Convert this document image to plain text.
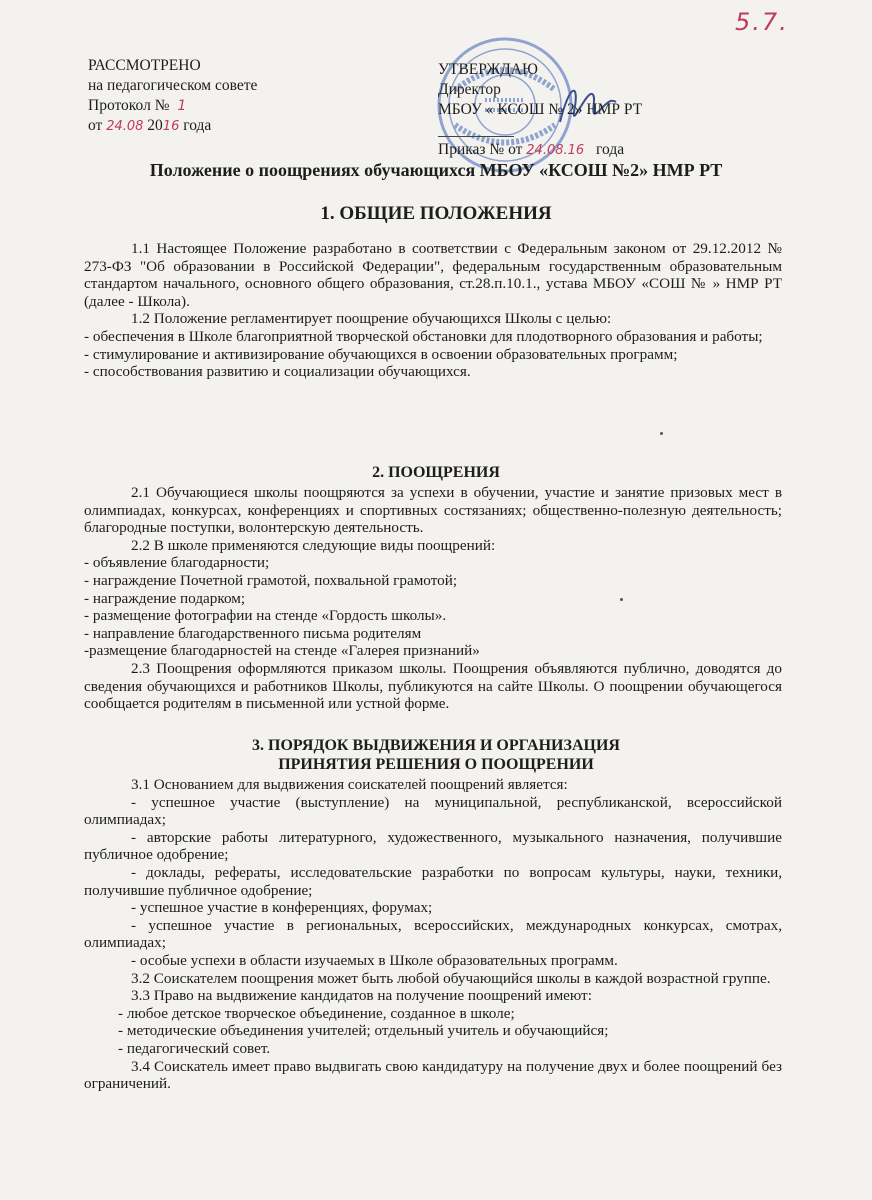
5.7.
РАССМОТРЕНО
на педагогическом совете
Протокол № 1
от 24.08 2016 года
УТВЕРЖДАЮ
Директор
МБОУ « КСОШ № 2» НМР РТ
Приказ № от 24.08.16 года
Положение о поощрениях обучающихся МБОУ «КСОШ №2» НМР РТ
1. ОБЩИЕ ПОЛОЖЕНИЯ

1.1 Настоящее Положение разработано в соответствии с Федеральным законом от 29.12.2012 № 273-ФЗ "Об образовании в Российской Федерации", федеральным государственным образовательным стандартом начального, основного общего образования, ст.28.п.10.1., устава МБОУ «СОШ № » НМР РТ (далее - Школа).

1.2 Положение регламентирует поощрение обучающихся Школы с целью:

- обеспечения в Школе благоприятной творческой обстановки для плодотворного образования и работы;

- стимулирование и активизирование обучающихся в освоении образовательных программ;

- способствования развитию и социализации обучающихся.

2. ПООЩРЕНИЯ

2.1 Обучающиеся школы поощряются за успехи в обучении, участие и занятие призовых мест в олимпиадах, конкурсах, конференциях и спортивных состязаниях; общественно-полезную деятельность; благородные поступки, волонтерскую деятельность.

2.2 В школе применяются следующие виды поощрений:

- объявление благодарности;

- награждение Почетной грамотой, похвальной грамотой;

- награждение подарком;

- размещение фотографии на стенде «Гордость школы».

- направление благодарственного письма родителям

-размещение благодарностей на стенде «Галерея признаний»

2.3 Поощрения оформляются приказом школы. Поощрения объявляются публично, доводятся до сведения обучающихся и работников Школы, публикуются на сайте Школы. О поощрении обучающегося сообщается родителям в письменной или устной форме.

3. ПОРЯДОК ВЫДВИЖЕНИЯ И ОРГАНИЗАЦИЯ
ПРИНЯТИЯ РЕШЕНИЯ О ПООЩРЕНИИ

3.1 Основанием для выдвижения соискателей поощрений является:

- успешное участие (выступление) на муниципальной, республиканской, всероссийской олимпиадах;

- авторские работы литературного, художественного, музыкального назначения, получившие публичное одобрение;

- доклады, рефераты, исследовательские разработки по вопросам культуры, науки, техники, получившие публичное одобрение;

- успешное участие в конференциях, форумах;

- успешное участие в региональных, всероссийских, международных конкурсах, смотрах, олимпиадах;

- особые успехи в области изучаемых в Школе образовательных программ.

3.2 Соискателем поощрения может быть любой обучающийся школы в каждой возрастной группе.

3.3 Право на выдвижение кандидатов на получение поощрений имеют:

- любое детское творческое объединение, созданное в школе;

- методические объединения учителей; отдельный учитель и обучающийся;

- педагогический совет.

3.4 Соискатель имеет право выдвигать свою кандидатуру на получение двух и более поощрений без ограничений.
